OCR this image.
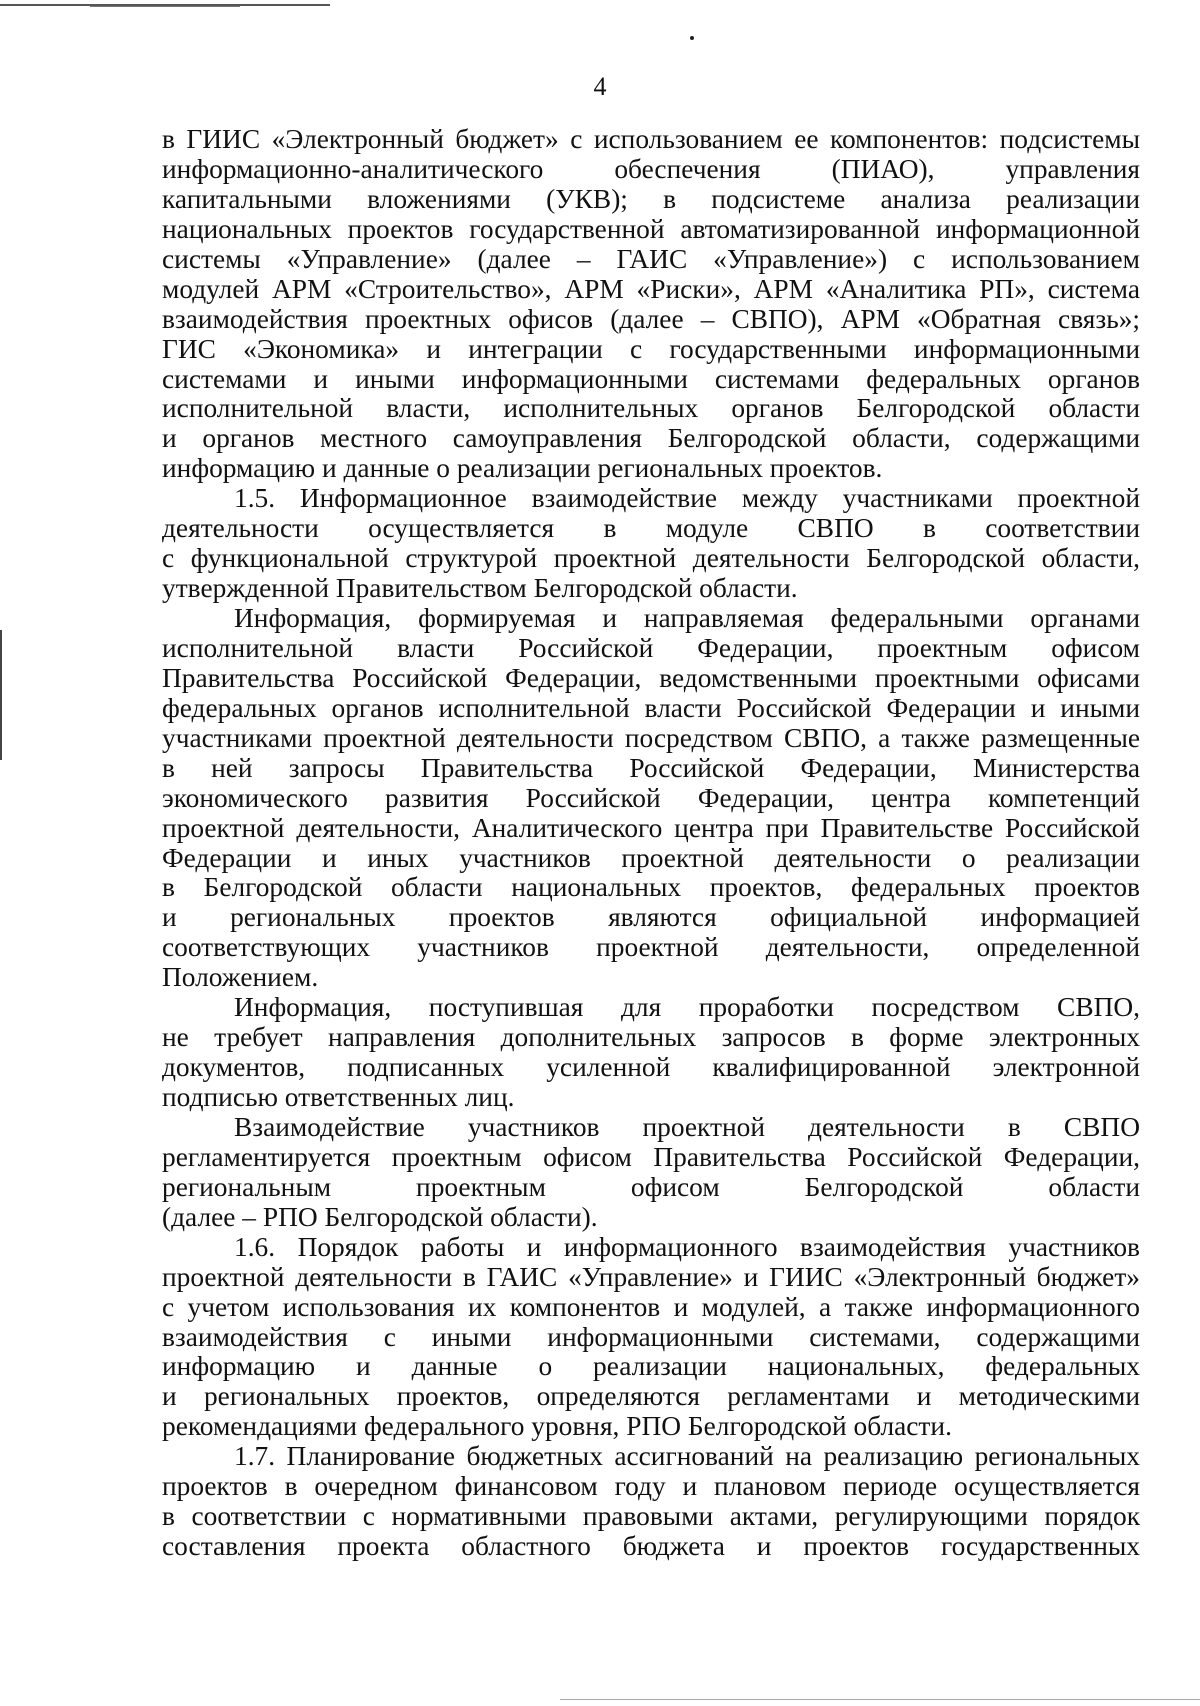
4
в ГИИС «Электронный бюджет» с использованием ее компонентов: подсистемы
информационно-аналитического обеспечения (ПИАО), управления
капитальными вложениями (УКВ); в подсистеме анализа реализации
национальных проектов государственной автоматизированной информационной
системы «Управление» (далее – ГАИС «Управление») с использованием
модулей АРМ «Строительство», АРМ «Риски», АРМ «Аналитика РП», система
взаимодействия проектных офисов (далее – СВПО), АРМ «Обратная связь»;
ГИС «Экономика» и интеграции с государственными информационными
системами и иными информационными системами федеральных органов
исполнительной власти, исполнительных органов Белгородской области
и органов местного самоуправления Белгородской области, содержащими
информацию и данные о реализации региональных проектов.
1.5. Информационное взаимодействие между участниками проектной
деятельности осуществляется в модуле СВПО в соответствии
с функциональной структурой проектной деятельности Белгородской области,
утвержденной Правительством Белгородской области.
Информация, формируемая и направляемая федеральными органами
исполнительной власти Российской Федерации, проектным офисом
Правительства Российской Федерации, ведомственными проектными офисами
федеральных органов исполнительной власти Российской Федерации и иными
участниками проектной деятельности посредством СВПО, а также размещенные
в ней запросы Правительства Российской Федерации, Министерства
экономического развития Российской Федерации, центра компетенций
проектной деятельности, Аналитического центра при Правительстве Российской
Федерации и иных участников проектной деятельности о реализации
в Белгородской области национальных проектов, федеральных проектов
и региональных проектов являются официальной информацией
соответствующих участников проектной деятельности, определенной
Положением.
Информация, поступившая для проработки посредством СВПО,
не требует направления дополнительных запросов в форме электронных
документов, подписанных усиленной квалифицированной электронной
подписью ответственных лиц.
Взаимодействие участников проектной деятельности в СВПО
регламентируется проектным офисом Правительства Российской Федерации,
региональным проектным офисом Белгородской области
(далее – РПО Белгородской области).
1.6. Порядок работы и информационного взаимодействия участников
проектной деятельности в ГАИС «Управление» и ГИИС «Электронный бюджет»
с учетом использования их компонентов и модулей, а также информационного
взаимодействия с иными информационными системами, содержащими
информацию и данные о реализации национальных, федеральных
и региональных проектов, определяются регламентами и методическими
рекомендациями федерального уровня, РПО Белгородской области.
1.7. Планирование бюджетных ассигнований на реализацию региональных
проектов в очередном финансовом году и плановом периоде осуществляется
в соответствии с нормативными правовыми актами, регулирующими порядок
составления проекта областного бюджета и проектов государственных
